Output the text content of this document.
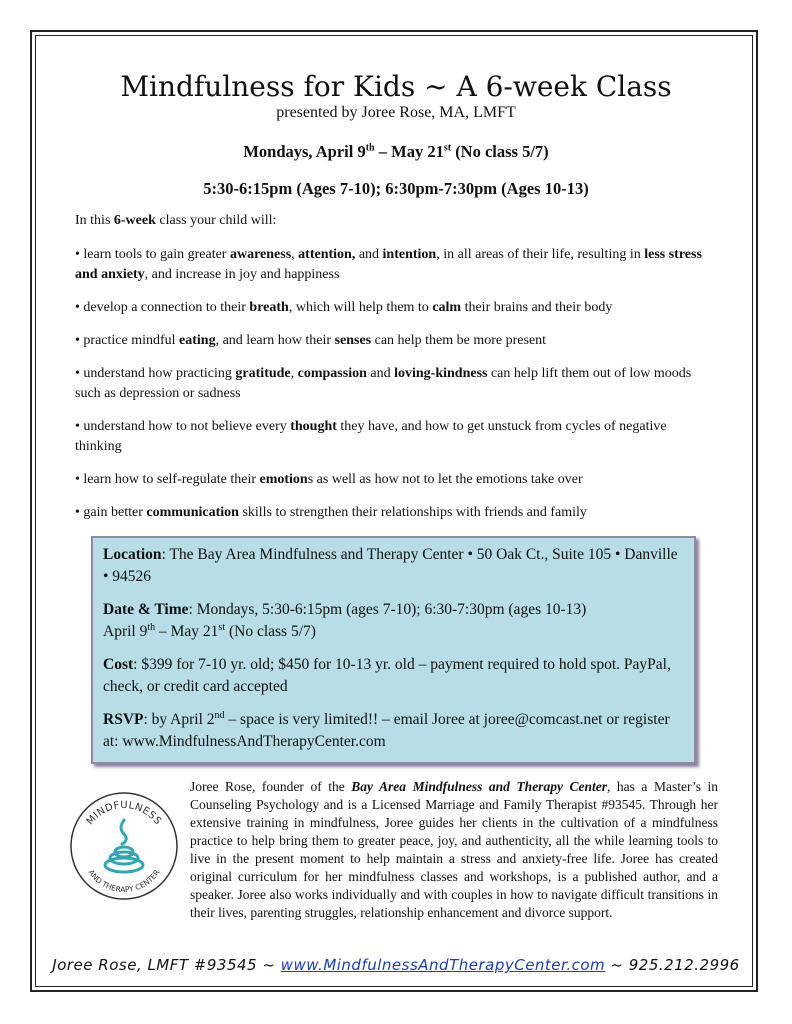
Mindfulness for Kids ~ A 6-week Class
presented by Joree Rose, MA, LMFT
Mondays, April 9th – May 21st (No class 5/7)
5:30-6:15pm (Ages 7-10); 6:30pm-7:30pm (Ages 10-13)
In this 6-week class your child will:
• learn tools to gain greater awareness, attention, and intention, in all areas of their life, resulting in less stress and anxiety, and increase in joy and happiness
• develop a connection to their breath, which will help them to calm their brains and their body
• practice mindful eating, and learn how their senses can help them be more present
• understand how practicing gratitude, compassion and loving-kindness can help lift them out of low moods such as depression or sadness
• understand how to not believe every thought they have, and how to get unstuck from cycles of negative thinking
• learn how to self-regulate their emotions as well as how not to let the emotions take over
• gain better communication skills to strengthen their relationships with friends and family
Location: The Bay Area Mindfulness and Therapy Center • 50 Oak Ct., Suite 105 • Danville • 94526
Date & Time: Mondays, 5:30-6:15pm (ages 7-10); 6:30-7:30pm (ages 10-13)
April 9th – May 21st (No class 5/7)
Cost: $399 for 7-10 yr. old; $450 for 10-13 yr. old – payment required to hold spot. PayPal, check, or credit card accepted
RSVP: by April 2nd – space is very limited!! – email Joree at joree@comcast.net or register at: www.MindfulnessAndTherapyCenter.com
Joree Rose, founder of the Bay Area Mindfulness and Therapy Center, has a Master’s in Counseling Psychology and is a Licensed Marriage and Family Therapist #93545. Through her extensive training in mindfulness, Joree guides her clients in the cultivation of a mindfulness practice to help bring them to greater peace, joy, and authenticity, all the while learning tools to live in the present moment to help maintain a stress and anxiety-free life. Joree has created original curriculum for her mindfulness classes and workshops, is a published author, and a speaker. Joree also works individually and with couples in how to navigate difficult transitions in their lives, parenting struggles, relationship enhancement and divorce support.
MINDFULNESS
AND THERAPY CENTER
Joree Rose, LMFT #93545 ~ www.MindfulnessAndTherapyCenter.com ~ 925.212.2996
